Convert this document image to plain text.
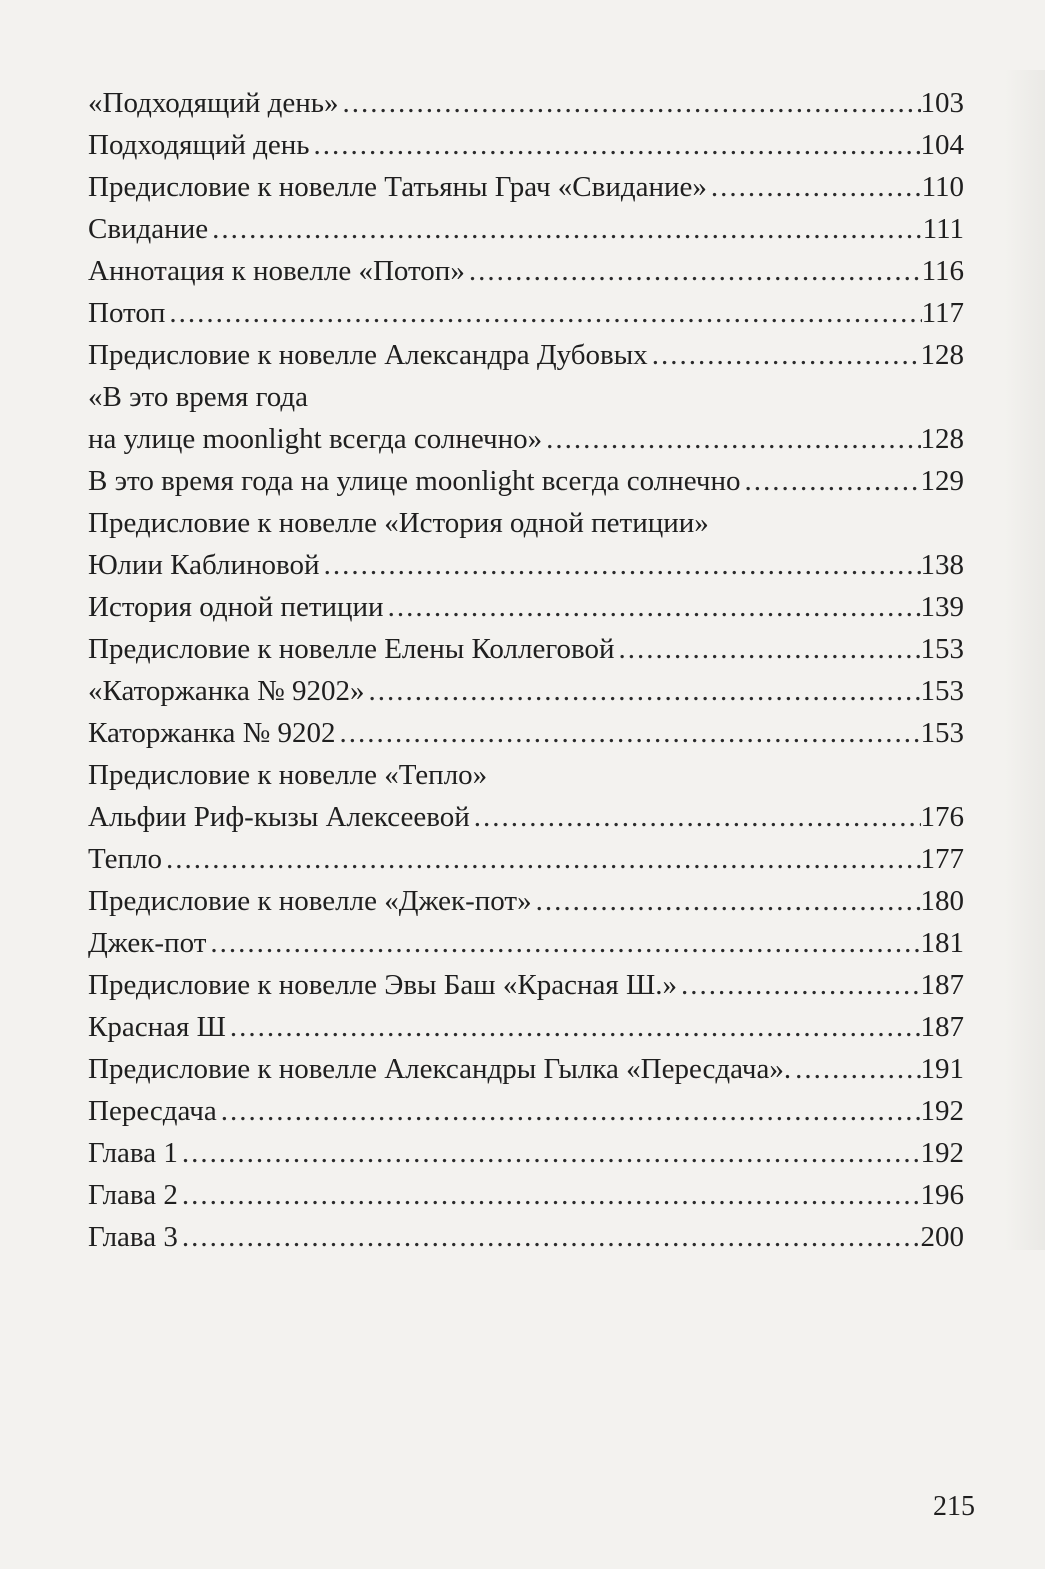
«Подходящий день» .....	103
Подходящий день .....	104
Предисловие к новелле Татьяны Грач «Свидание» .....	110
Свидание .....	111
Аннотация к новелле «Потоп» .....	116
Потоп .....	117
Предисловие к новелле Александра Дубовых .....	128
«В это время года
на улице moonlight всегда солнечно» .....	128
В это время года на улице moonlight всегда солнечно .....	129
Предисловие к новелле «История одной петиции»
Юлии Каблиновой .....	138
История одной петиции .....	139
Предисловие к новелле Елены Коллеговой .....	153
«Каторжанка № 9202» .....	153
Каторжанка № 9202 .....	153
Предисловие к новелле «Тепло»
Альфии Риф-кызы Алексеевой .....	176
Тепло .....	177
Предисловие к новелле «Джек-пот» .....	180
Джек-пот .....	181
Предисловие к новелле Эвы Баш «Красная Ш.» .....	187
Красная Ш .....	187
Предисловие к новелле Александры Гылка «Пересдача». .....	191
Пересдача .....	192
Глава 1 .....	192
Глава 2 .....	196
Глава 3 .....	200
215
